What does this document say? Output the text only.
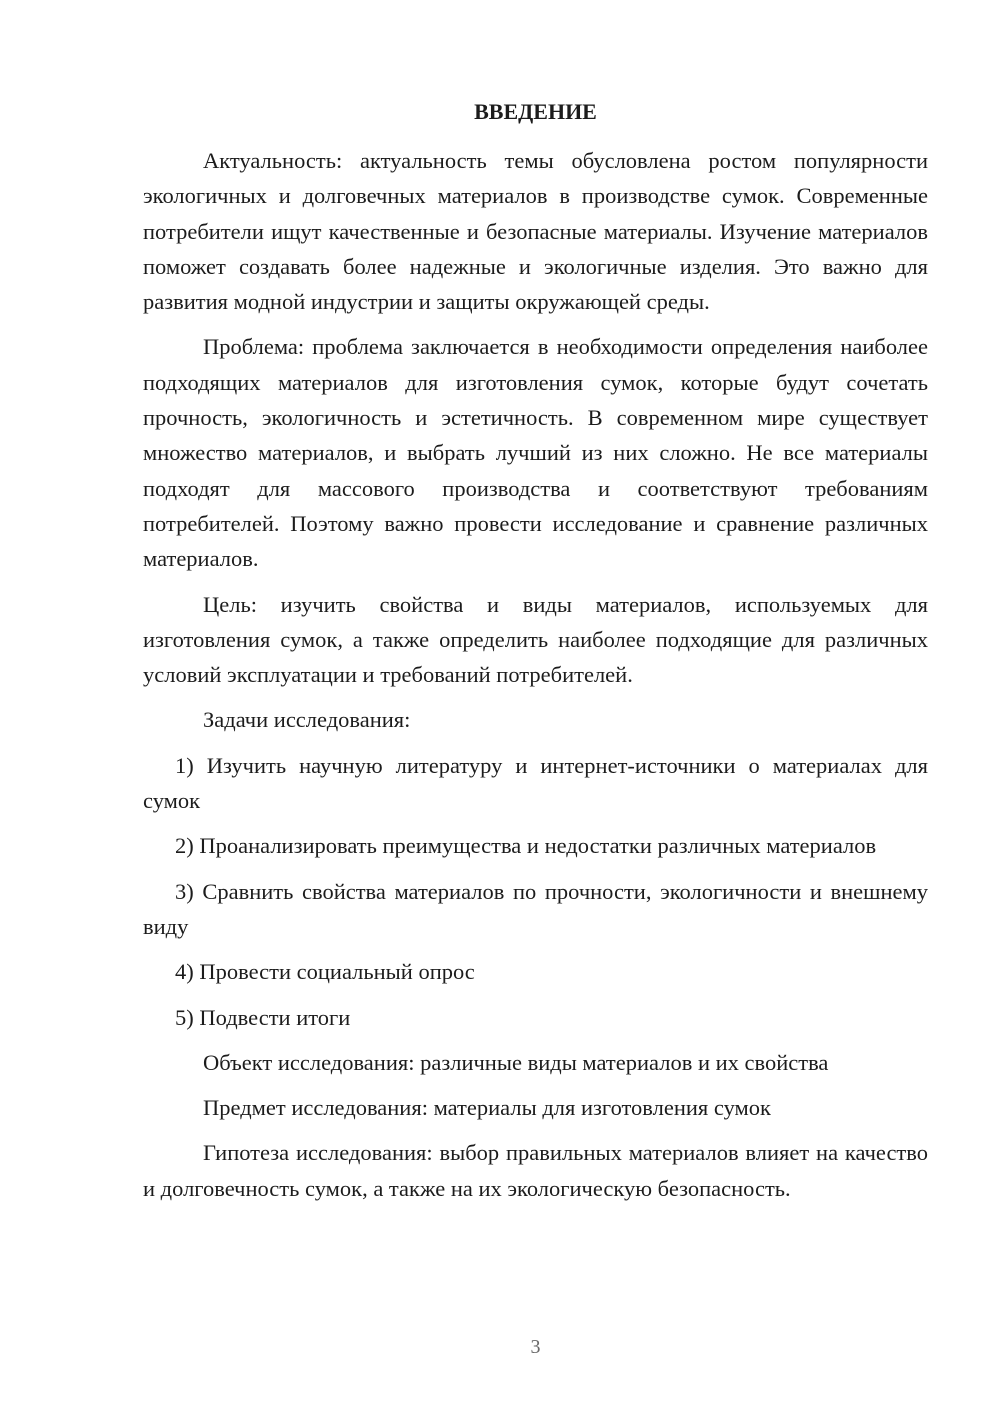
ВВЕДЕНИЕ

Актуальность: актуальность темы обусловлена ростом популярности экологичных и долговечных материалов в производстве сумок. Современные потребители ищут качественные и безопасные материалы. Изучение материалов поможет создавать более надежные и экологичные изделия. Это важно для развития модной индустрии и защиты окружающей среды.

Проблема: проблема заключается в необходимости определения наиболее подходящих материалов для изготовления сумок, которые будут сочетать прочность, экологичность и эстетичность. В современном мире существует множество материалов, и выбрать лучший из них сложно. Не все материалы подходят для массового производства и соответствуют требованиям потребителей. Поэтому важно провести исследование и сравнение различных материалов.

Цель: изучить свойства и виды материалов, используемых для изготовления сумок, а также определить наиболее подходящие для различных условий эксплуатации и требований потребителей.

Задачи исследования:

1) Изучить научную литературу и интернет-источники о материалах для сумок

2) Проанализировать преимущества и недостатки различных материалов

3) Сравнить свойства материалов по прочности, экологичности и внешнему виду

4) Провести социальный опрос

5) Подвести итоги

Объект исследования: различные виды материалов и их свойства

Предмет исследования: материалы для изготовления сумок

Гипотеза исследования: выбор правильных материалов влияет на качество и долговечность сумок, а также на их экологическую безопасность.

3
